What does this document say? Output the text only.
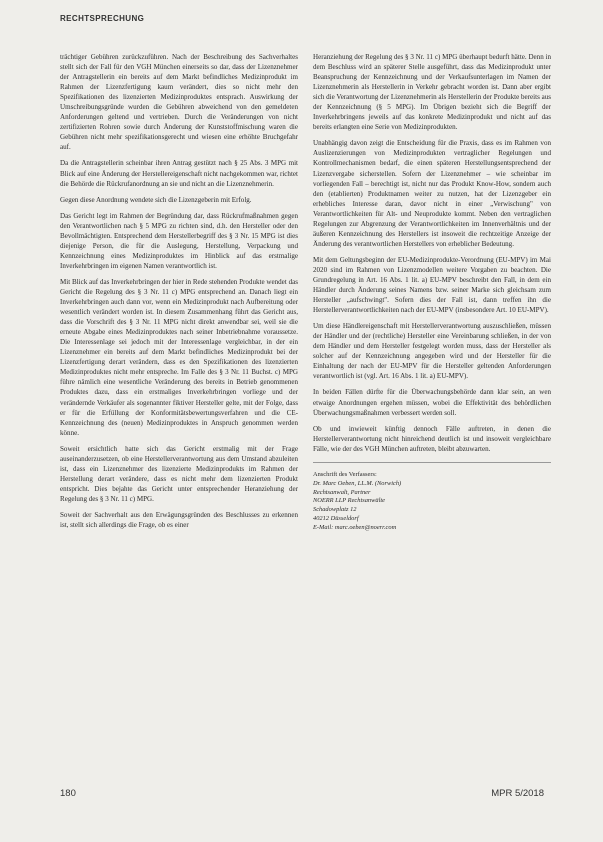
RECHTSPRECHUNG

trächtiger Gebühren zurückzuführen. Nach der Beschreibung des Sachverhaltes stellt sich der Fall für den VGH München einerseits so dar, dass der Lizenznehmer der Antragstellerin ein bereits auf dem Markt befindliches Medizinprodukt im Rahmen der Lizenzfertigung kaum verändert, dies so nicht mehr den Spezifikationen des lizenzierten Medizinproduktes entsprach. Auswirkung der Umschreibungsgründe wurden die Gebühren abweichend von den gemeldeten Anforderungen geltend und vertrieben. Durch die Veränderungen von nicht zertifizierten Rohren sowie durch Änderung der Kunststoffmischung waren die Gebühren nicht mehr spezifikationsgerecht und wiesen eine erhöhte Bruchgefahr auf.

Da die Antragstellerin scheinbar ihren Antrag gestützt nach § 25 Abs. 3 MPG mit Blick auf eine Änderung der Herstellereigenschaft nicht nachgekommen war, richtet die Behörde die Rückrufanordnung an sie und nicht an die Lizenznehmerin.

Gegen diese Anordnung wendete sich die Lizenzgeberin mit Erfolg.

Das Gericht legt im Rahmen der Begründung dar, dass Rückrufmaßnahmen gegen den Verantwortlichen nach § 5 MPG zu richten sind, d.h. den Hersteller oder den Bevollmächtigten. Entsprechend dem Herstellerbegriff des § 3 Nr. 15 MPG ist dies diejenige Person, die für die Auslegung, Herstellung, Verpackung und Kennzeichnung eines Medizinproduktes im Hinblick auf das erstmalige Inverkehrbringen im eigenen Namen verantwortlich ist.

Mit Blick auf das Inverkehrbringen der hier in Rede stehenden Produkte wendet das Gericht die Regelung des § 3 Nr. 11 c) MPG entsprechend an. Danach liegt ein Inverkehrbringen auch dann vor, wenn ein Medizinprodukt nach Aufbereitung oder wesentlich verändert worden ist. In diesem Zusammenhang führt das Gericht aus, dass die Vorschrift des § 3 Nr. 11 MPG nicht direkt anwendbar sei, weil sie die erneute Abgabe eines Medizinproduktes nach seiner Inbetriebnahme voraussetze. Die Interessenlage sei jedoch mit der Interessenlage vergleichbar, in der ein Lizenznehmer ein bereits auf dem Markt befindliches Medizinprodukt bei der Lizenzfertigung derart verändern, dass es den Spezifikationen des lizenzierten Medizinproduktes nicht mehr entspreche. Im Falle des § 3 Nr. 11 Buchst. c) MPG führe nämlich eine wesentliche Veränderung des bereits in Betrieb genommenen Produktes dazu, dass ein erstmaliges Inverkehrbringen vorliege und der verändernde Verkäufer als sogenannter fiktiver Hersteller gelte, mit der Folge, dass er für die Erfüllung der Konformitätsbewertungsverfahren und die CE-Kennzeichnung des (neuen) Medizinproduktes in Anspruch genommen werden könne.

Soweit ersichtlich hatte sich das Gericht erstmalig mit der Frage auseinanderzusetzen, ob eine Herstellerverantwortung aus dem Umstand abzuleiten ist, dass ein Lizenznehmer des lizenzierte Medizinprodukts im Rahmen der Herstellung derart verändere, dass es nicht mehr dem lizenzierten Produkt entspricht. Dies bejahte das Gericht unter entsprechender Heranziehung der Regelung des § 3 Nr. 11 c) MPG.

Soweit der Sachverhalt aus den Erwägungsgründen des Beschlusses zu erkennen ist, stellt sich allerdings die Frage, ob es einer

Heranziehung der Regelung des § 3 Nr. 11 c) MPG überhaupt bedurft hätte. Denn in dem Beschluss wird an späterer Stelle ausgeführt, dass das Medizinprodukt unter Beanspruchung der Kennzeichnung und der Verkaufsunterlagen im Namen der Lizenznehmerin als Herstellerin in Verkehr gebracht worden ist. Dann aber ergibt sich die Verantwortung der Lizenznehmerin als Herstellerin der Produkte bereits aus der Kennzeichnung (§ 5 MPG). Im Übrigen bezieht sich die Begriff der Inverkehrbringens jeweils auf das konkrete Medizinprodukt und nicht auf das bereits erlangten eine Serie von Medizinprodukten.

Unabhängig davon zeigt die Entscheidung für die Praxis, dass es im Rahmen von Auslizenzierungen von Medizinprodukten vertraglicher Regelungen und Kontrollmechanismen bedarf, die einen späteren Herstellungsentsprechend der Lizenzvergabe sicherstellen. Sofern der Lizenznehmer – wie scheinbar im vorliegenden Fall – berechtigt ist, nicht nur das Produkt Know-How, sondern auch den (etablierten) Produktnamen weiter zu nutzen, hat der Lizenzgeber ein erhebliches Interesse daran, davor nicht in einer „Verwischung" von Verantwortlichkeiten für Alt- und Neuprodukte kommt. Neben den vertraglichen Regelungen zur Abgrenzung der Verantwortlichkeiten im Innenverhältnis und der äußeren Kennzeichnung des Herstellers ist insoweit die rechtzeitige Anzeige der Änderung des verantwortlichen Herstellers von erheblicher Bedeutung.

Mit dem Geltungsbeginn der EU-Medizinprodukte-Verordnung (EU-MPV) im Mai 2020 sind im Rahmen von Lizenzmodellen weitere Vorgaben zu beachten. Die Grundregelung in Art. 16 Abs. 1 lit. a) EU-MPV beschreibt den Fall, in dem ein Händler durch Änderung seines Namens bzw. seiner Marke sich gleichsam zum Hersteller „aufschwingt". Sofern dies der Fall ist, dann treffen ihn die Herstellerverantwortlichkeiten nach der EU-MPV (insbesondere Art. 10 EU-MPV).

Um diese Händlereigenschaft mit Herstellerverantwortung auszuschließen, müssen der Händler und der (rechtliche) Hersteller eine Vereinbarung schließen, in der von dem Händler und dem Hersteller festgelegt worden muss, dass der Hersteller als solcher auf der Kennzeichnung angegeben wird und der Hersteller für die Einhaltung der nach der EU-MPV für die Hersteller geltenden Anforderungen verantwortlich ist (vgl. Art. 16 Abs. 1 lit. a) EU-MPV).

In beiden Fällen dürfte für die Überwachungsbehörde dann klar sein, an wen etwaige Anordnungen ergehen müssen, wobei die Effektivität des behördlichen Überwachungsmaßnahmen verbessert werden soll.

Ob und inwieweit künftig dennoch Fälle auftreten, in denen die Herstellerverantwortung nicht hinreichend deutlich ist und insoweit vergleichbare Fälle, wie der des VGH München auftreten, bleibt abzuwarten.

Anschrift des Verfassers:
Dr. Marc Oeben, LL.M. (Norwich)
Rechtsanwalt, Partner
NOERR LLP Rechtsanwälte
Schadowplatz 12
40212 Düsseldorf
E-Mail: marc.oeben@noerr.com
180	MPR 5/2018
